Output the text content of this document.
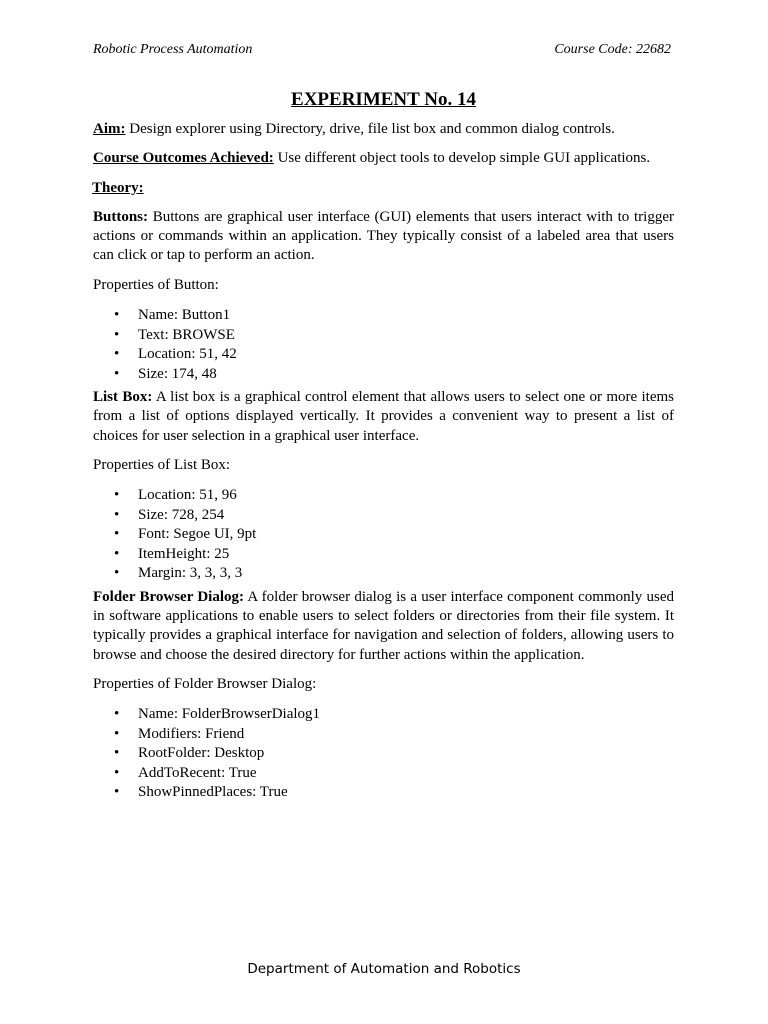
Robotic Process Automation	Course Code: 22682
EXPERIMENT No. 14

Aim: Design explorer using Directory, drive, file list box and common dialog controls.

Course Outcomes Achieved: Use different object tools to develop simple GUI applications.

Theory:

Buttons: Buttons are graphical user interface (GUI) elements that users interact with to trigger actions or commands within an application. They typically consist of a labeled area that users can click or tap to perform an action.

Properties of Button:

• Name: Button1
• Text: BROWSE
• Location: 51, 42
• Size: 174, 48

List Box: A list box is a graphical control element that allows users to select one or more items from a list of options displayed vertically. It provides a convenient way to present a list of choices for user selection in a graphical user interface.

Properties of List Box:

• Location: 51, 96
• Size: 728, 254
• Font: Segoe UI, 9pt
• ItemHeight: 25
• Margin: 3, 3, 3, 3

Folder Browser Dialog: A folder browser dialog is a user interface component commonly used in software applications to enable users to select folders or directories from their file system. It typically provides a graphical interface for navigation and selection of folders, allowing users to browse and choose the desired directory for further actions within the application.

Properties of Folder Browser Dialog:

• Name: FolderBrowserDialog1
• Modifiers: Friend
• RootFolder: Desktop
• AddToRecent: True
• ShowPinnedPlaces: True
Department of Automation and Robotics
